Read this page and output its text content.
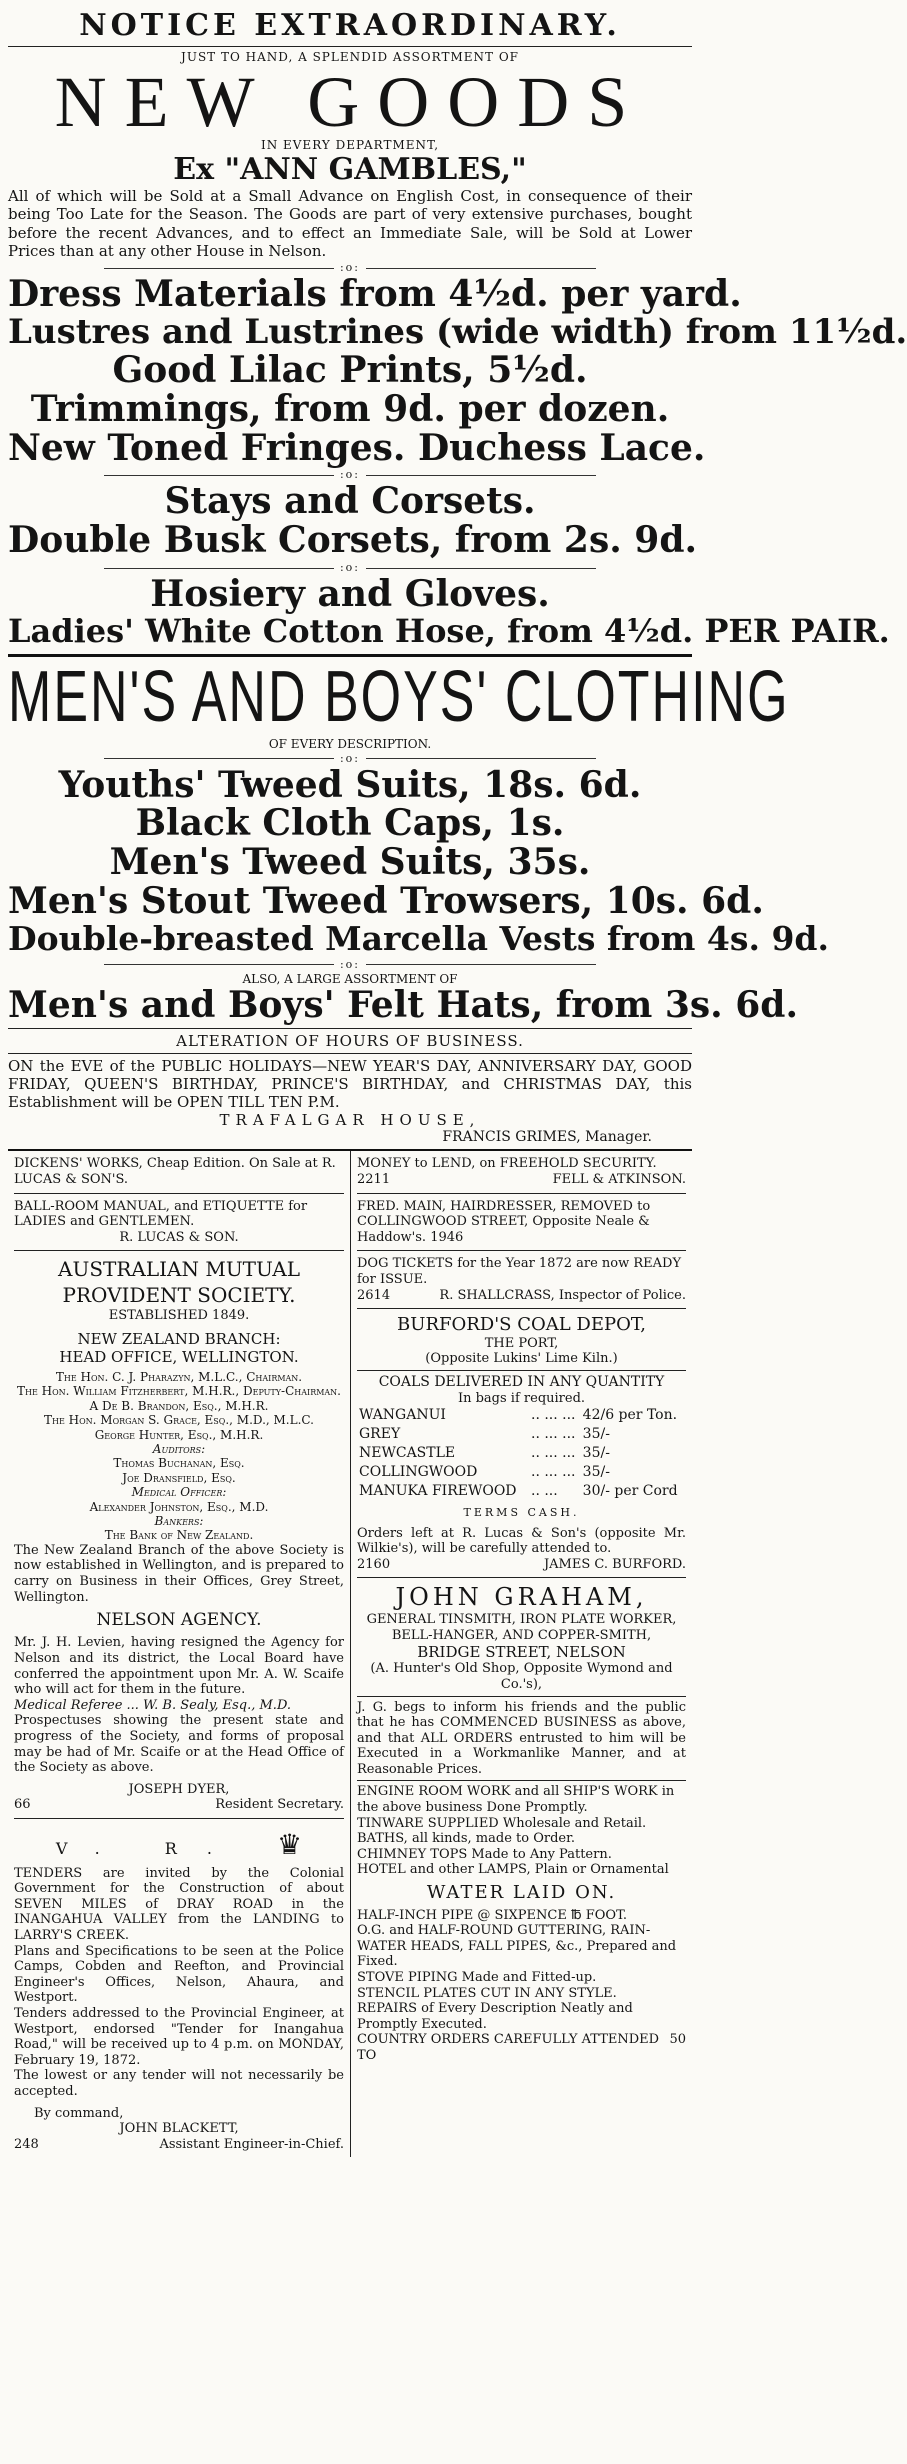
NOTICE EXTRAORDINARY.
JUST TO HAND, A SPLENDID ASSORTMENT OF
NEW GOODS
IN EVERY DEPARTMENT,
Ex "ANN GAMBLES,"
All of which will be Sold at a Small Advance on English Cost, in consequence of their being Too Late for the Season. The Goods are part of very extensive purchases, bought before the recent Advances, and to effect an Immediate Sale, will be Sold at Lower Prices than at any other House in Nelson.
:o:
Dress Materials from 4½d. per yard.
Lustres and Lustrines (wide width) from 11½d.
Good Lilac Prints, 5½d.
Trimmings, from 9d. per dozen.
New Toned Fringes. Duchess Lace.
:o:
Stays and Corsets.
Double Busk Corsets, from 2s. 9d.
:o:
Hosiery and Gloves.
Ladies' White Cotton Hose, from 4½d. PER PAIR.
MEN'S AND BOYS' CLOTHING
OF EVERY DESCRIPTION.
:o:
Youths' Tweed Suits, 18s. 6d.
Black Cloth Caps, 1s.
Men's Tweed Suits, 35s.
Men's Stout Tweed Trowsers, 10s. 6d.
Double-breasted Marcella Vests from 4s. 9d.
:o:
ALSO, A LARGE ASSORTMENT OF
Men's and Boys' Felt Hats, from 3s. 6d.
ALTERATION OF HOURS OF BUSINESS.
ON the EVE of the PUBLIC HOLIDAYS—NEW YEAR'S DAY, ANNIVERSARY DAY, GOOD FRIDAY, QUEEN'S BIRTHDAY, PRINCE'S BIRTHDAY, and CHRISTMAS DAY, this Establishment will be OPEN TILL TEN P.M.
TRAFALGAR HOUSE,
FRANCIS GRIMES, Manager.
DICKENS' WORKS, Cheap Edition. On Sale at R. LUCAS & SON'S.
BALL-ROOM MANUAL, and ETIQUETTE for LADIES and GENTLEMEN.
R. LUCAS & SON.
AUSTRALIAN MUTUAL PROVIDENT SOCIETY.
ESTABLISHED 1849.
NEW ZEALAND BRANCH:
HEAD OFFICE, WELLINGTON.
The Hon. C. J. Pharazyn, M.L.C., Chairman.
The Hon. William Fitzherbert, M.H.R., Deputy-Chairman.
A De B. Brandon, Esq., M.H.R.
The Hon. Morgan S. Grace, Esq., M.D., M.L.C.
George Hunter, Esq., M.H.R.
Auditors:
Thomas Buchanan, Esq.
Joe Dransfield, Esq.
Medical Officer:
Alexander Johnston, Esq., M.D.
Bankers:
The Bank of New Zealand.
The New Zealand Branch of the above Society is now established in Wellington, and is prepared to carry on Business in their Offices, Grey Street, Wellington.
NELSON AGENCY.
Mr. J. H. Levien, having resigned the Agency for Nelson and its district, the Local Board have conferred the appointment upon Mr. A. W. Scaife who will act for them in the future.
Medical Referee ... W. B. Sealy, Esq., M.D.
Prospectuses showing the present state and progress of the Society, and forms of proposal may be had of Mr. Scaife or at the Head Office of the Society as above.
JOSEPH DYER,
66	Resident Secretary.
V. R. ♛
TENDERS are invited by the Colonial Government for the Construction of about SEVEN MILES of DRAY ROAD in the INANGAHUA VALLEY from the LANDING to LARRY'S CREEK.
Plans and Specifications to be seen at the Police Camps, Cobden and Reefton, and Provincial Engineer's Offices, Nelson, Ahaura, and Westport.
Tenders addressed to the Provincial Engineer, at Westport, endorsed "Tender for Inangahua Road," will be received up to 4 p.m. on MONDAY, February 19, 1872.
The lowest or any tender will not necessarily be accepted.
By command,
JOHN BLACKETT,
248	Assistant Engineer-in-Chief.
MONEY to LEND, on FREEHOLD SECURITY.
2211	FELL & ATKINSON.
FRED. MAIN, HAIRDRESSER, REMOVED to COLLINGWOOD STREET, Opposite Neale & Haddow's. 1946
DOG TICKETS for the Year 1872 are now READY for ISSUE.
2614	R. SHALLCRASS, Inspector of Police.
BURFORD'S COAL DEPOT,
THE PORT,
(Opposite Lukins' Lime Kiln.)
COALS DELIVERED IN ANY QUANTITY
In bags if required.
WANGANUI	.. ... ...	42/6 per Ton.
GREY	.. ... ...	35/-
NEWCASTLE	.. ... ...	35/-
COLLINGWOOD	.. ... ...	35/-
MANUKA FIREWOOD	.. ...	30/- per Cord
TERMS CASH.
Orders left at R. Lucas & Son's (opposite Mr. Wilkie's), will be carefully attended to.
2160	JAMES C. BURFORD.
JOHN GRAHAM,
GENERAL TINSMITH, IRON PLATE WORKER, BELL-HANGER, AND COPPER-SMITH,
BRIDGE STREET, NELSON
(A. Hunter's Old Shop, Opposite Wymond and Co.'s),
J. G. begs to inform his friends and the public that he has COMMENCED BUSINESS as above, and that ALL ORDERS entrusted to him will be Executed in a Workmanlike Manner, and at Reasonable Prices.
ENGINE ROOM WORK and all SHIP'S WORK in the above business Done Promptly.
TINWARE SUPPLIED Wholesale and Retail.
BATHS, all kinds, made to Order.
CHIMNEY TOPS Made to Any Pattern.
HOTEL and other LAMPS, Plain or Ornamental
WATER LAID ON.
HALF-INCH PIPE @ SIXPENCE ℔ FOOT.
O.G. and HALF-ROUND GUTTERING, RAIN-WATER HEADS, FALL PIPES, &c., Prepared and Fixed.
STOVE PIPING Made and Fitted-up.
STENCIL PLATES CUT IN ANY STYLE.
REPAIRS of Every Description Neatly and Promptly Executed.
COUNTRY ORDERS CAREFULLY ATTENDED TO
50
